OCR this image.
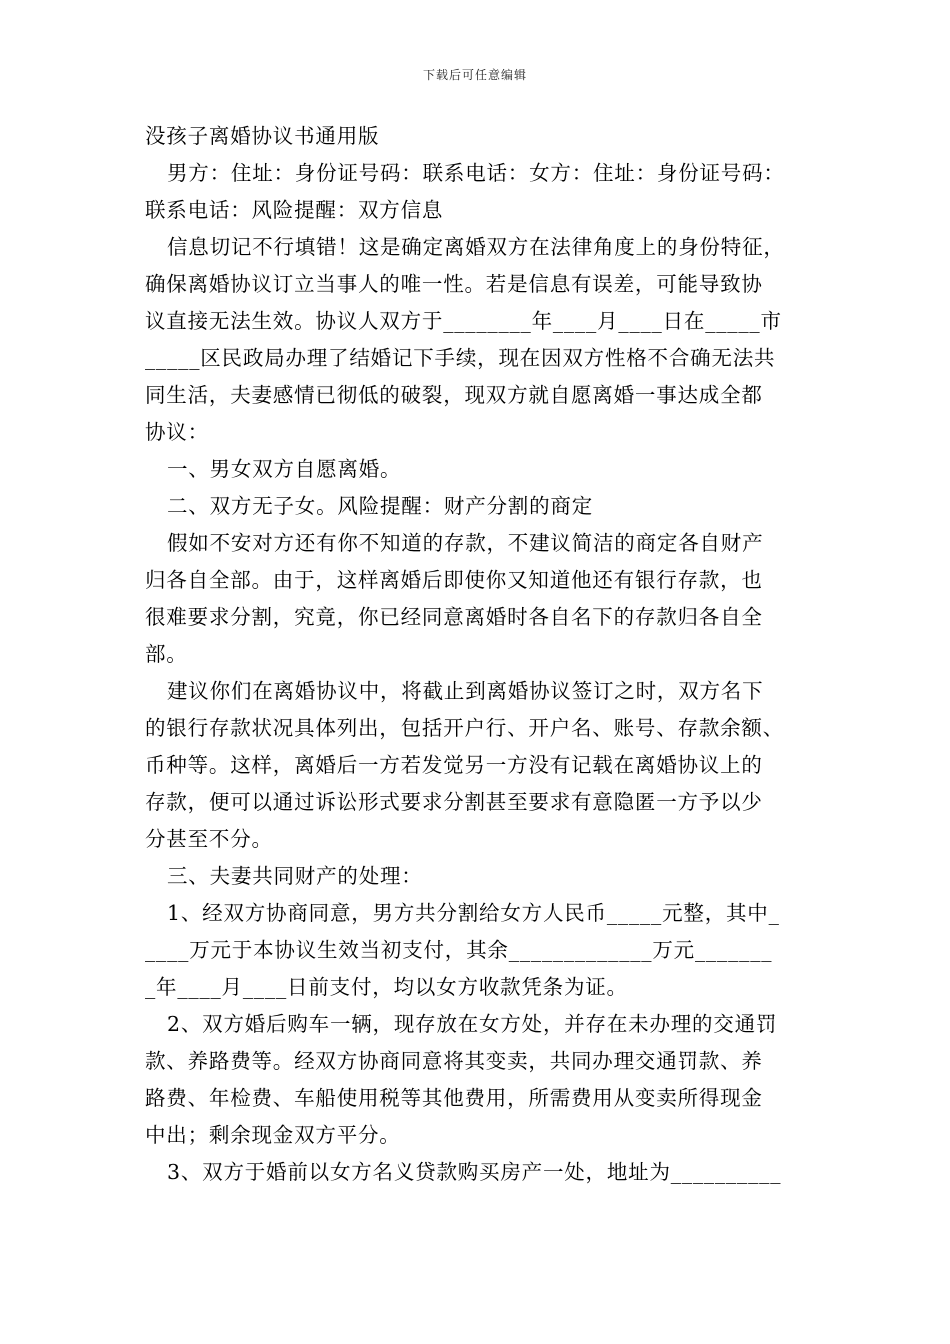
下载后可任意编辑
没孩子离婚协议书通用版
男方：住址：身份证号码：联系电话：女方：住址：身份证号码：
联系电话：风险提醒：双方信息
信息切记不行填错！这是确定离婚双方在法律角度上的身份特征，
确保离婚协议订立当事人的唯一性。若是信息有误差，可能导致协
议直接无法生效。协议人双方于________年____月____日在_____市
_____区民政局办理了结婚记下手续，现在因双方性格不合确无法共
同生活，夫妻感情已彻低的破裂，现双方就自愿离婚一事达成全都
协议：
一、男女双方自愿离婚。
二、双方无子女。风险提醒：财产分割的商定
假如不安对方还有你不知道的存款，不建议简洁的商定各自财产
归各自全部。由于，这样离婚后即使你又知道他还有银行存款，也
很难要求分割，究竟，你已经同意离婚时各自名下的存款归各自全
部。
建议你们在离婚协议中，将截止到离婚协议签订之时，双方名下
的银行存款状况具体列出，包括开户行、开户名、账号、存款余额、
币种等。这样，离婚后一方若发觉另一方没有记载在离婚协议上的
存款，便可以通过诉讼形式要求分割甚至要求有意隐匿一方予以少
分甚至不分。
三、夫妻共同财产的处理：
1、经双方协商同意，男方共分割给女方人民币_____元整，其中_
____万元于本协议生效当初支付，其余_____________万元_______
_年____月____日前支付，均以女方收款凭条为证。
2、双方婚后购车一辆，现存放在女方处，并存在未办理的交通罚
款、养路费等。经双方协商同意将其变卖，共同办理交通罚款、养
路费、年检费、车船使用税等其他费用，所需费用从变卖所得现金
中出；剩余现金双方平分。
3、双方于婚前以女方名义贷款购买房产一处，地址为__________
